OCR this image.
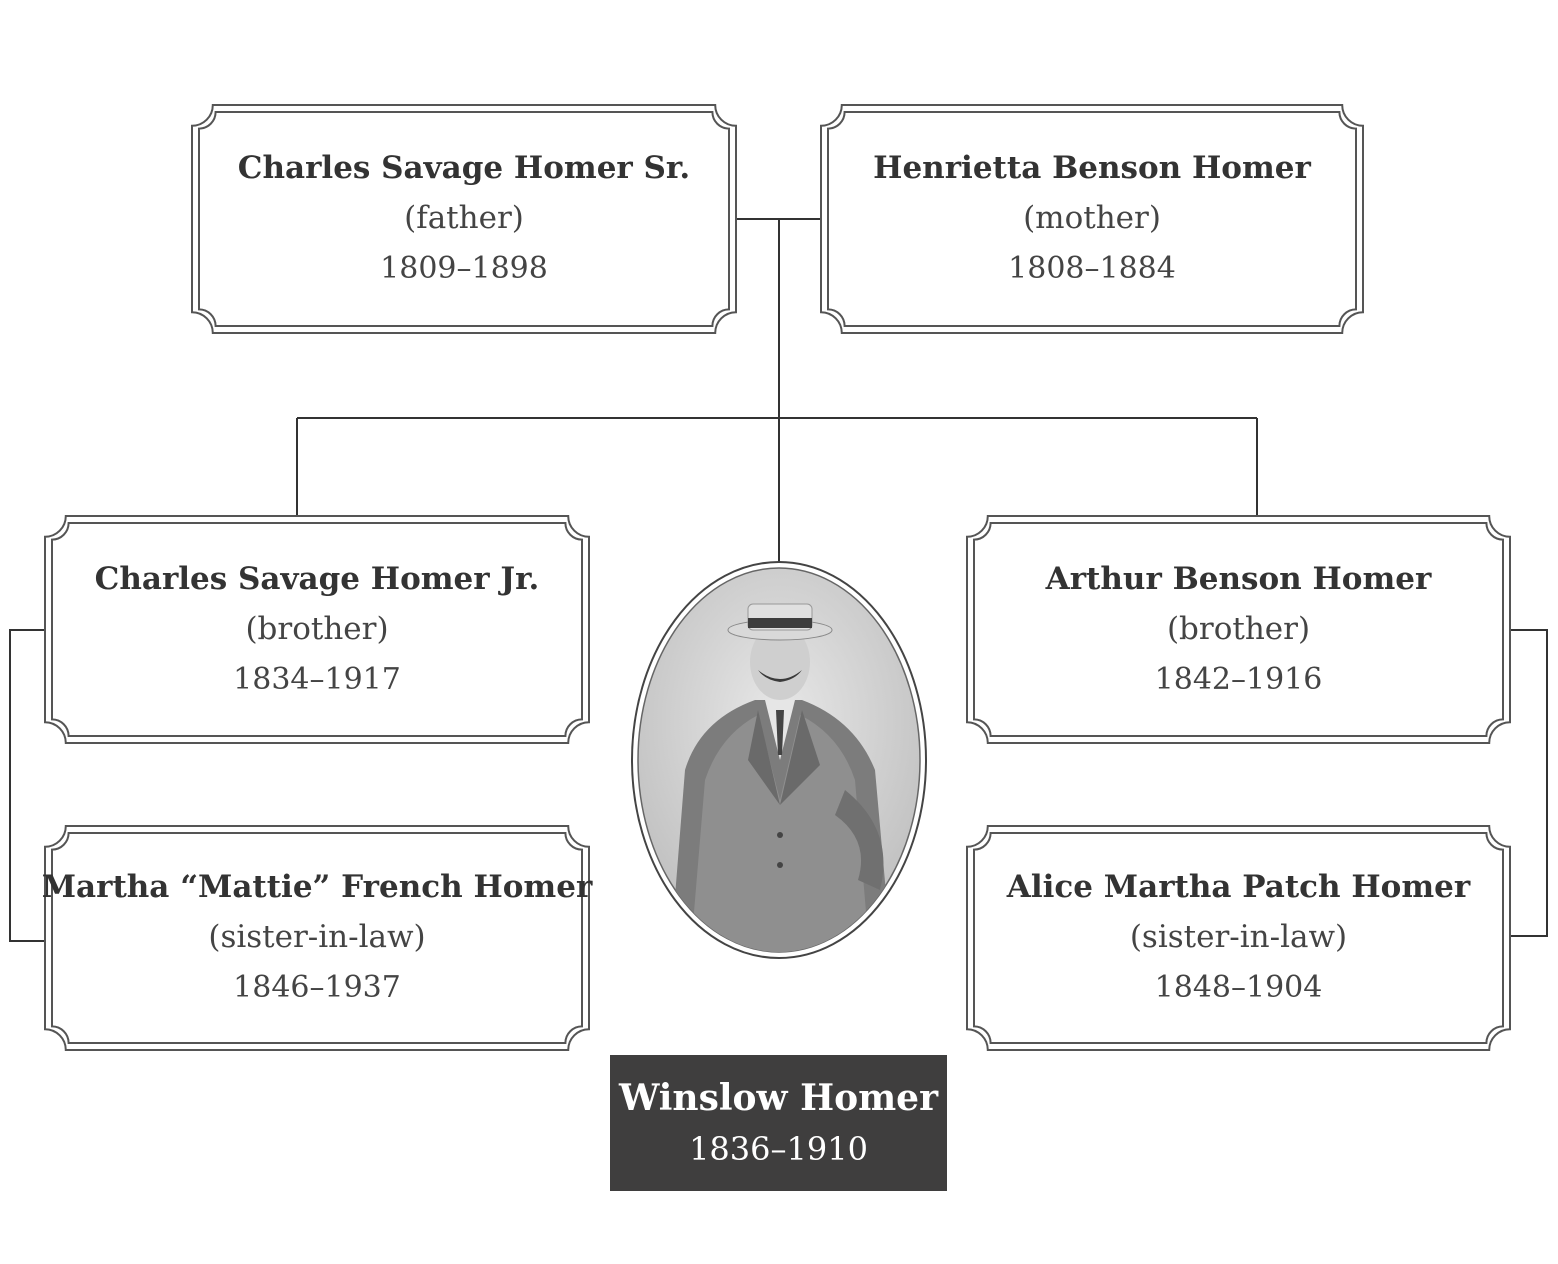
Charles Savage Homer Sr.
(father)
1809–1898
Henrietta Benson Homer
(mother)
1808–1884
Charles Savage Homer Jr.
(brother)
1834–1917
Martha “Mattie” French Homer
(sister-in-law)
1846–1937
Arthur Benson Homer
(brother)
1842–1916
Alice Martha Patch Homer
(sister-in-law)
1848–1904
Winslow Homer
1836–1910
